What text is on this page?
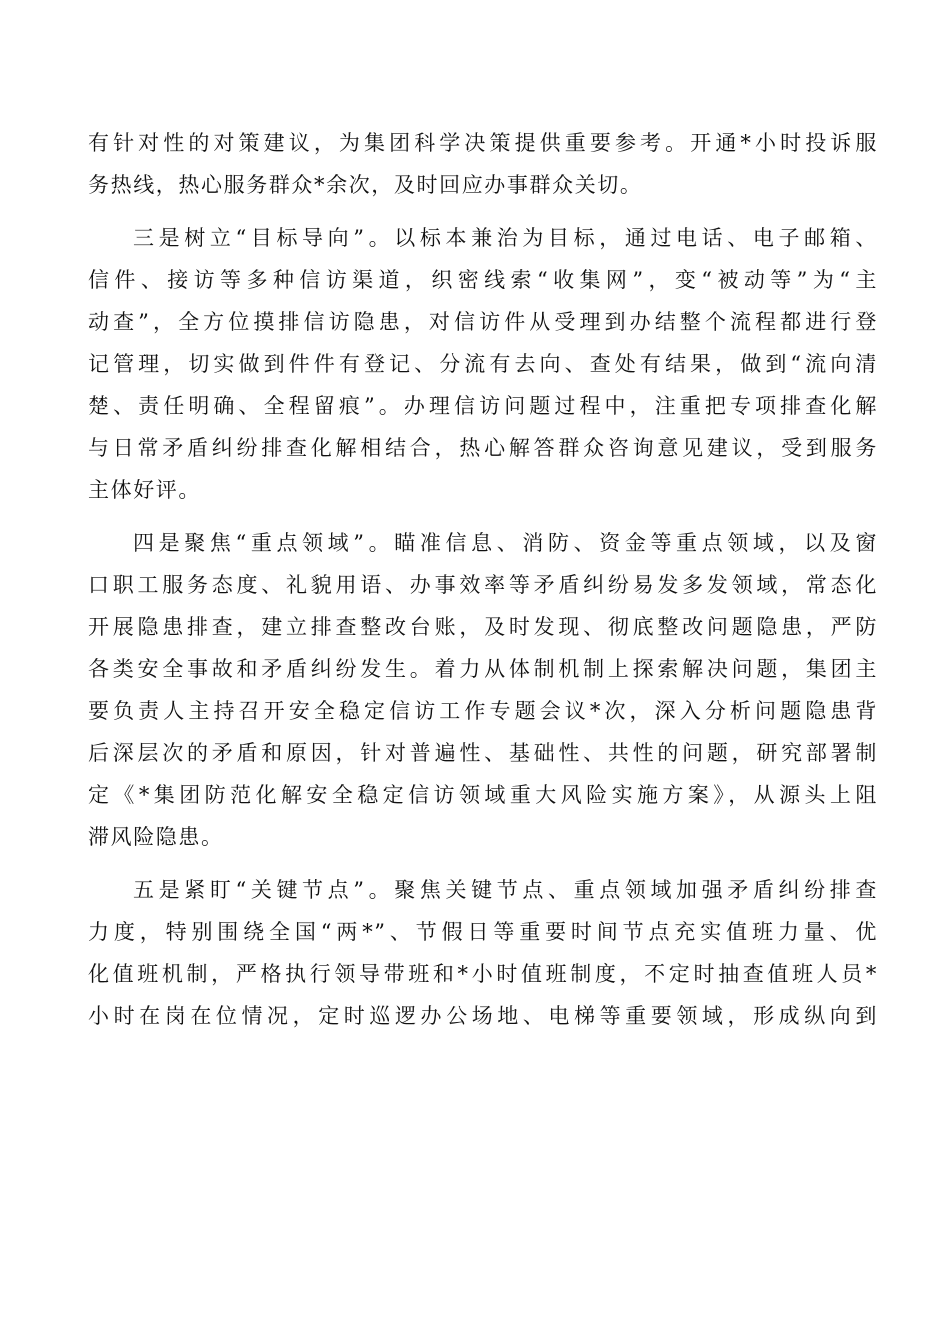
有针对性的对策建议，为集团科学决策提供重要参考。开通*小时投诉服
务热线，热心服务群众*余次，及时回应办事群众关切。
三是树立“目标导向”。以标本兼治为目标，通过电话、电子邮箱、
信件、接访等多种信访渠道，织密线索“收集网”，变“被动等”为“主
动查”，全方位摸排信访隐患，对信访件从受理到办结整个流程都进行登
记管理，切实做到件件有登记、分流有去向、查处有结果，做到“流向清
楚、责任明确、全程留痕”。办理信访问题过程中，注重把专项排查化解
与日常矛盾纠纷排查化解相结合，热心解答群众咨询意见建议，受到服务
主体好评。
四是聚焦“重点领域”。瞄准信息、消防、资金等重点领域，以及窗
口职工服务态度、礼貌用语、办事效率等矛盾纠纷易发多发领域，常态化
开展隐患排查，建立排查整改台账，及时发现、彻底整改问题隐患，严防
各类安全事故和矛盾纠纷发生。着力从体制机制上探索解决问题，集团主
要负责人主持召开安全稳定信访工作专题会议*次，深入分析问题隐患背
后深层次的矛盾和原因，针对普遍性、基础性、共性的问题，研究部署制
定《*集团防范化解安全稳定信访领域重大风险实施方案》，从源头上阻
滞风险隐患。
五是紧盯“关键节点”。聚焦关键节点、重点领域加强矛盾纠纷排查
力度，特别围绕全国“两*”、节假日等重要时间节点充实值班力量、优
化值班机制，严格执行领导带班和*小时值班制度，不定时抽查值班人员*
小时在岗在位情况，定时巡逻办公场地、电梯等重要领域，形成纵向到
